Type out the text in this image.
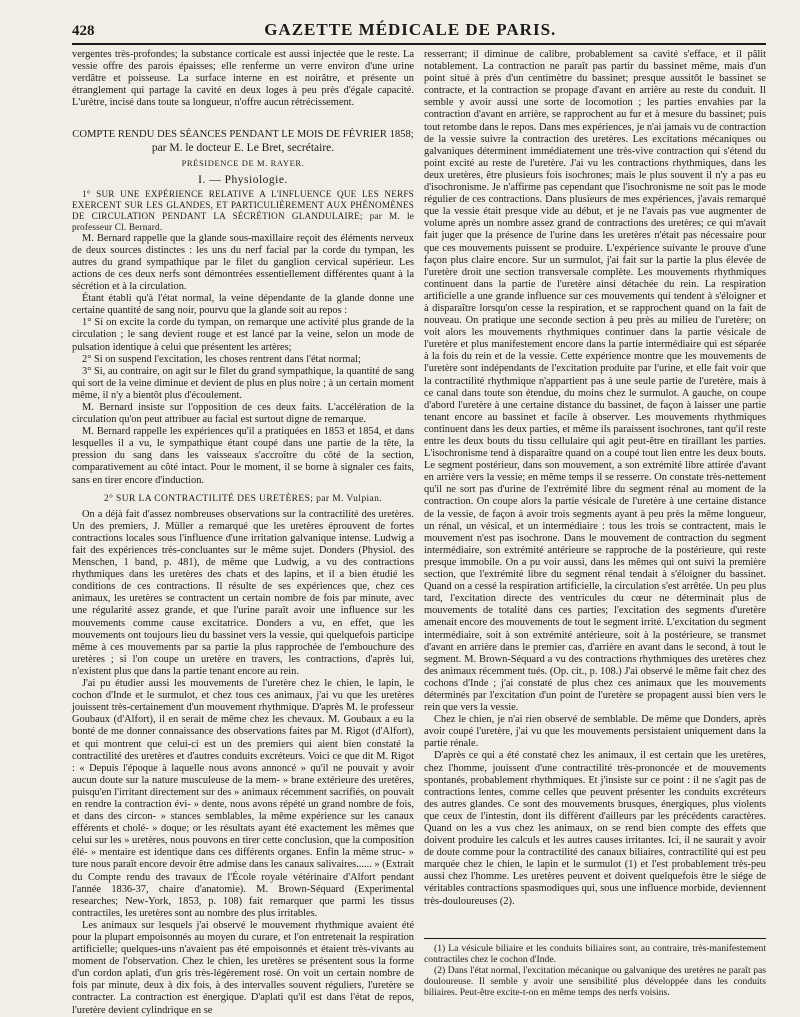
428	GAZETTE MÉDICALE DE PARIS.

vergentes très-profondes; la substance corticale est aussi injectée que le reste. La vessie offre des parois épaisses; elle renferme un verre environ d'une urine verdâtre et poisseuse. La surface interne en est noirâtre, et présente un étranglement qui partage la cavité en deux loges à peu près d'égale capacité. L'urètre, incisé dans toute sa longueur, n'offre aucun rétrécissement.

COMPTE RENDU DES SÉANCES PENDANT LE MOIS DE FÉVRIER 1858;
par M. le docteur E. Le Bret, secrétaire.
PRÉSIDENCE DE M. RAYER.
I. — Physiologie.

1° SUR UNE EXPÉRIENCE RELATIVE A L'INFLUENCE QUE LES NERFS EXERCENT SUR LES GLANDES, ET PARTICULIÈREMENT AUX PHÉNOMÈNES DE CIRCULATION PENDANT LA SÉCRÉTION GLANDULAIRE; par M. le professeur Cl. Bernard.

M. Bernard rappelle que la glande sous-maxillaire reçoit des éléments nerveux de deux sources distinctes : les uns du nerf facial par la corde du tympan, les autres du grand sympathique par le filet du ganglion cervical supérieur. Les actions de ces deux nerfs sont démontrées essentiellement différentes quant à la sécrétion et à la circulation.

Étant établi qu'à l'état normal, la veine dépendante de la glande donne une certaine quantité de sang noir, pourvu que la glande soit au repos :

1° Si on excite la corde du tympan, on remarque une activité plus grande de la circulation ; le sang devient rouge et est lancé par la veine, selon un mode de pulsation identique à celui que présentent les artères;

2° Si on suspend l'excitation, les choses rentrent dans l'état normal;

3° Si, au contraire, on agit sur le filet du grand sympathique, la quantité de sang qui sort de la veine diminue et devient de plus en plus noire ; à un certain moment même, il n'y a bientôt plus d'écoulement.

M. Bernard insiste sur l'opposition de ces deux faits. L'accélération de la circulation qu'on peut attribuer au facial est surtout digne de remarque.

M. Bernard rappelle les expériences qu'il a pratiquées en 1853 et 1854, et dans lesquelles il a vu, le sympathique étant coupé dans une partie de la tête, la pression du sang dans les vaisseaux s'accroître du côté de la section, comparativement au côté intact. Pour le moment, il se borne à signaler ces faits, sans en tirer encore d'induction.

2° SUR LA CONTRACTILITÉ DES URETÈRES; par M. Vulpian.

On a déjà fait d'assez nombreuses observations sur la contractilité des uretères. Un des premiers, J. Müller a remarqué que les uretères éprouvent de fortes contractions locales sous l'influence d'une irritation galvanique intense. Ludwig a fait des expériences très-concluantes sur le même sujet. Donders (Physiol. des Menschen, 1 band, p. 481), de même que Ludwig, a vu des contractions rhythmiques dans les uretères des chats et des lapins, et il a bien étudié les conditions de ces contractions. Il résulte de ses expériences que, chez ces animaux, les uretères se contractent un certain nombre de fois par minute, avec une régularité assez grande, et que l'urine paraît avoir une influence sur les mouvements comme cause excitatrice. Donders a vu, en effet, que les mouvements ont toujours lieu du bassinet vers la vessie, qui quelquefois participe même à ces mouvements par sa partie la plus rapprochée de l'embouchure des uretères ; si l'on coupe un uretère en travers, les contractions, d'après lui, n'existent plus que dans la partie tenant encore au rein.

J'ai pu étudier aussi les mouvements de l'uretère chez le chien, le lapin, le cochon d'Inde et le surmulot, et chez tous ces animaux, j'ai vu que les uretères jouissent très-certainement d'un mouvement rhythmique. D'après M. le professeur Goubaux (d'Alfort), il en serait de même chez les chevaux. M. Goubaux a eu la bonté de me donner connaissance des observations faites par M. Rigot (d'Alfort), et qui montrent que celui-ci est un des premiers qui aient bien constaté la contractilité des uretères et d'autres conduits excréteurs. Voici ce que dit M. Rigot : « Depuis l'époque à laquelle nous avons annoncé » qu'il ne pouvait y avoir aucun doute sur la nature musculeuse de la mem- » brane extérieure des uretères, puisqu'en l'irritant directement sur des » animaux récemment sacrifiés, on pouvait en rendre la contraction évi- » dente, nous avons répété un grand nombre de fois, et dans des circon- » stances semblables, la même expérience sur les canaux efférents et cholé- » doque; or les résultats ayant été exactement les mêmes que celui sur les » uretères, nous pouvons en tirer cette conclusion, que la composition élé- » mentaire est identique dans ces différents organes. Enfin la même struc- » ture nous paraît encore devoir être admise dans les canaux salivaires...... » (Extrait du Compte rendu des travaux de l'École royale vétérinaire d'Alfort pendant l'année 1836-37, chaire d'anatomie). M. Brown-Séquard (Experimental researches; New-York, 1853, p. 108) fait remarquer que parmi les tissus contractiles, les uretères sont au nombre des plus irritables.

Les animaux sur lesquels j'ai observé le mouvement rhythmique avaient été pour la plupart empoisonnés au moyen du curare, et l'on entretenait la respiration artificielle; quelques-uns n'avaient pas été empoisonnés et étaient très-vivants au moment de l'observation. Chez le chien, les uretères se présentent sous la forme d'un cordon aplati, d'un gris très-légèrement rosé. On voit un certain nombre de fois par minute, deux à dix fois, à des intervalles souvent réguliers, l'uretère se contracter. La contraction est énergique. D'aplati qu'il est dans l'état de repos, l'uretère devient cylindrique en se

resserrant; il diminue de calibre, probablement sa cavité s'efface, et il pâlit notablement. La contraction ne paraît pas partir du bassinet même, mais d'un point situé à près d'un centimètre du bassinet; presque aussitôt le bassinet se contracte, et la contraction se propage d'avant en arrière au reste du conduit. Il semble y avoir aussi une sorte de locomotion ; les parties envahies par la contraction d'avant en arrière, se rapprochent au fur et à mesure du bassinet; puis tout retombe dans le repos. Dans mes expériences, je n'ai jamais vu de contraction de la vessie suivre la contraction des uretères. Les excitations mécaniques ou galvaniques déterminent immédiatement une très-vive contraction qui s'étend du point excité au reste de l'uretère. J'ai vu les contractions rhythmiques, dans les deux uretères, être plusieurs fois isochrones; mais le plus souvent il n'y a pas eu d'isochronisme. Je n'affirme pas cependant que l'isochronisme ne soit pas le mode régulier de ces contractions. Dans plusieurs de mes expériences, j'avais remarqué que la vessie était presque vide au début, et je ne l'avais pas vue augmenter de volume après un nombre assez grand de contractions des uretères; ce qui m'avait fait juger que la présence de l'urine dans les uretères n'était pas nécessaire pour que ces mouvements puissent se produire. L'expérience suivante le prouve d'une façon plus claire encore. Sur un surmulot, j'ai fait sur la partie la plus élevée de l'uretère droit une section transversale complète. Les mouvements rhythmiques continuent dans la partie de l'uretère ainsi détachée du rein. La respiration artificielle a une grande influence sur ces mouvements qui tendent à s'éloigner et à disparaître lorsqu'on cesse la respiration, et se rapprochent quand on la fait de nouveau. On pratique une seconde section à peu près au milieu de l'uretère; on voit alors les mouvements rhythmiques continuer dans la partie vésicale de l'uretère et plus manifestement encore dans la partie intermédiaire qui est séparée à la fois du rein et de la vessie. Cette expérience montre que les mouvements de l'uretère sont indépendants de l'excitation produite par l'urine, et elle fait voir que la contractilité rhythmique n'appartient pas à une seule partie de l'uretère, mais à ce canal dans toute son étendue, du moins chez le surmulot. A gauche, on coupe d'abord l'uretère à une certaine distance du bassinet, de façon à laisser une partie tenant encore au bassinet et facile à observer. Les mouvements rhythmiques continuent dans les deux parties, et même ils paraissent isochrones, tant qu'il reste entre les deux bouts du tissu cellulaire qui agit peut-être en tiraillant les parties. L'isochronisme tend à disparaître quand on a coupé tout lien entre les deux bouts. Le segment postérieur, dans son mouvement, a son extrémité libre attirée d'avant en arrière vers la vessie; en même temps il se resserre. On constate très-nettement qu'il ne sort pas d'urine de l'extrémité libre du segment rénal au moment de la contraction. On coupe alors la partie vésicale de l'uretère à une certaine distance de la vessie, de façon à avoir trois segments ayant à peu près la même longueur, un rénal, un vésical, et un intermédiaire : tous les trois se contractent, mais le mouvement n'est pas isochrone. Dans le mouvement de contraction du segment intermédiaire, son extrémité antérieure se rapproche de la postérieure, qui reste presque immobile. On a pu voir aussi, dans les mêmes qui ont suivi la première section, que l'extrémité libre du segment rénal tendait à s'éloigner du bassinet. Quand on a cessé la respiration artificielle, la circulation s'est arrêtée. Un peu plus tard, l'excitation directe des ventricules du cœur ne déterminait plus de mouvements de totalité dans ces parties; l'excitation des segments d'uretère amenait encore des mouvements de tout le segment irrité. L'excitation du segment intermédiaire, soit à son extrémité antérieure, soit à la postérieure, se transmet d'avant en arrière dans le premier cas, d'arrière en avant dans le second, à tout le segment. M. Brown-Séquard a vu des contractions rhythmiques des uretères chez des animaux récemment tués. (Op. cit., p. 108.) J'ai observé le même fait chez des cochons d'Inde ; j'ai constaté de plus chez ces animaux que les mouvements déterminés par l'excitation d'un point de l'uretère se propagent aussi bien vers le rein que vers la vessie.

Chez le chien, je n'ai rien observé de semblable. De même que Donders, après avoir coupé l'uretère, j'ai vu que les mouvements persistaient uniquement dans la partie rénale.

D'après ce qui a été constaté chez les animaux, il est certain que les uretères, chez l'homme, jouissent d'une contractilité très-prononcée et de mouvements spontanés, probablement rhythmiques. Et j'insiste sur ce point : il ne s'agit pas de contractions lentes, comme celles que peuvent présenter les conduits excréteurs des autres glandes. Ce sont des mouvements brusques, énergiques, plus violents que ceux de l'intestin, dont ils diffèrent d'ailleurs par les précédents caractères. Quand on les a vus chez les animaux, on se rend bien compte des effets que doivent produire les calculs et les autres causes irritantes. Ici, il ne saurait y avoir de doute comme pour la contractilité des canaux biliaires, contractilité qui est peu marquée chez le chien, le lapin et le surmulot (1) et l'est probablement très-peu aussi chez l'homme. Les uretères peuvent et doivent quelquefois être le siége de véritables contractions spasmodiques qui, sous une influence morbide, deviennent très-douloureuses (2).

(1) La vésicule biliaire et les conduits biliaires sont, au contraire, très-manifestement contractiles chez le cochon d'Inde.

(2) Dans l'état normal, l'excitation mécanique ou galvanique des uretères ne paraît pas douloureuse. Il semble y avoir une sensibilité plus développée dans les conduits biliaires. Peut-être excite-t-on en même temps des nerfs voisins.
